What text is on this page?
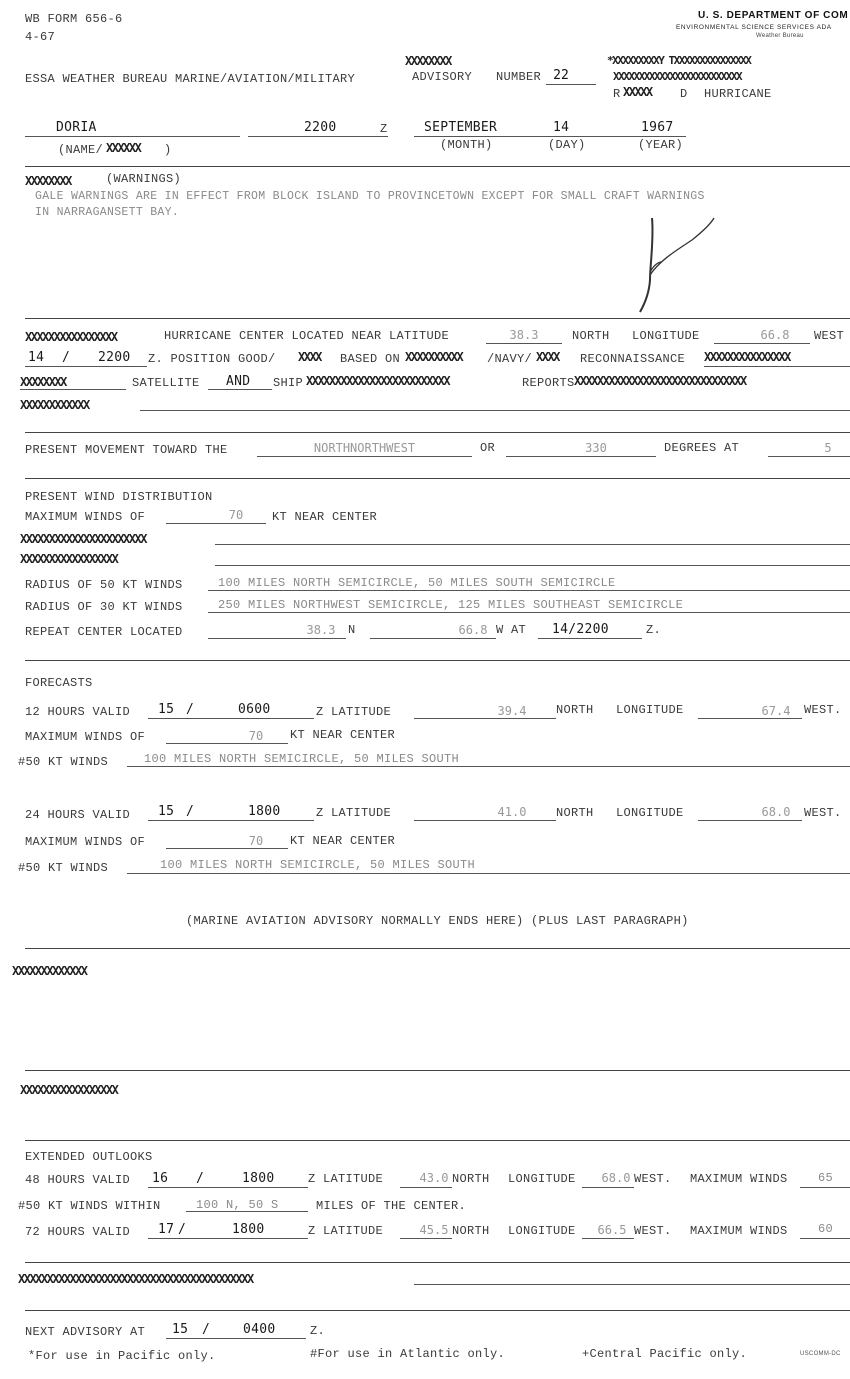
WB FORM 656-6
4-67
U. S. DEPARTMENT OF COM
ENVIRONMENTAL SCIENCE SERVICES ADA
Weather Bureau
XXXXXXXX	*XXXXXXXXXY TXXXXXXXXXXXXXXX
XXXXXXXXXXXXXXXXXXXXXXXXX
ESSA WEATHER BUREAU MARINE/AVIATION/MILITARY	ADVISORY NUMBER 22
R XXXXX D HURRICANE
DORIA	2200	Z	SEPTEMBER	14	1967
(NAME/ XXXXXX )	(MONTH)	(DAY)	(YEAR)
XXXXXXXX	(WARNINGS)
GALE WARNINGS ARE IN EFFECT FROM BLOCK ISLAND TO PROVINCETOWN EXCEPT FOR SMALL CRAFT WARNINGS
IN NARRAGANSETT BAY.
XXXXXXXXXXXXXXXX	HURRICANE CENTER LOCATED NEAR LATITUDE	38.3	NORTH LONGITUDE	66.8	WEST
14 / 2200 Z. POSITION GOOD/ XXXX BASED ON XXXXXXXXXX /NAVY/ XXXX RECONNAISSANCE XXXXXXXXXXXXXXX
XXXXXXXX	SATELLITE AND SHIP XXXXXXXXXXXXXXXXXXXXXXXXX	REPORTS XXXXXXXXXXXXXXXXXXXXXXXXXXXXXX
XXXXXXXXXXXX
PRESENT MOVEMENT TOWARD THE	NORTHNORTHWEST	OR	330	DEGREES AT	5
PRESENT WIND DISTRIBUTION
MAXIMUM WINDS OF	70	KT NEAR CENTER
XXXXXXXXXXXXXXXXXXXXXX
XXXXXXXXXXXXXXXXX
RADIUS OF 50 KT WINDS	100 MILES NORTH SEMICIRCLE, 50 MILES SOUTH SEMICIRCLE
RADIUS OF 30 KT WINDS	250 MILES NORTHWEST SEMICIRCLE, 125 MILES SOUTHEAST SEMICIRCLE
REPEAT CENTER LOCATED	38.3	N	66.8 W AT 14/2200	Z.
FORECASTS
12 HOURS VALID 15 /	0600	Z LATITUDE	39.4	NORTH LONGITUDE	67.4	WEST.
MAXIMUM WINDS OF	70	KT NEAR CENTER
#50 KT WINDS	100 MILES NORTH SEMICIRCLE, 50 MILES SOUTH
24 HOURS VALID 15 /	1800	Z LATITUDE	41.0	NORTH LONGITUDE	68.0	WEST.
MAXIMUM WINDS OF	70	KT NEAR CENTER
#50 KT WINDS	100 MILES NORTH SEMICIRCLE, 50 MILES SOUTH
(MARINE AVIATION ADVISORY NORMALLY ENDS HERE) (PLUS LAST PARAGRAPH)
XXXXXXXXXXXXX
XXXXXXXXXXXXXXXXX
EXTENDED OUTLOOKS
48 HOURS VALID 16 /	1800	Z LATITUDE	43.0 NORTH LONGITUDE 68.0 WEST. MAXIMUM WINDS	65
#50 KT WINDS WITHIN	100 N, 50 S	MILES OF THE CENTER.
72 HOURS VALID 17 /	1800	Z LATITUDE	45.5 NORTH LONGITUDE 66.5 WEST. MAXIMUM WINDS	60
XXXXXXXXXXXXXXXXXXXXXXXXXXXXXXXXXXXXXXXXX
NEXT ADVISORY AT 15 /	0400	Z.
*For use in Pacific only.	#For use in Atlantic only.	+Central Pacific only.	USCOMM-DC
